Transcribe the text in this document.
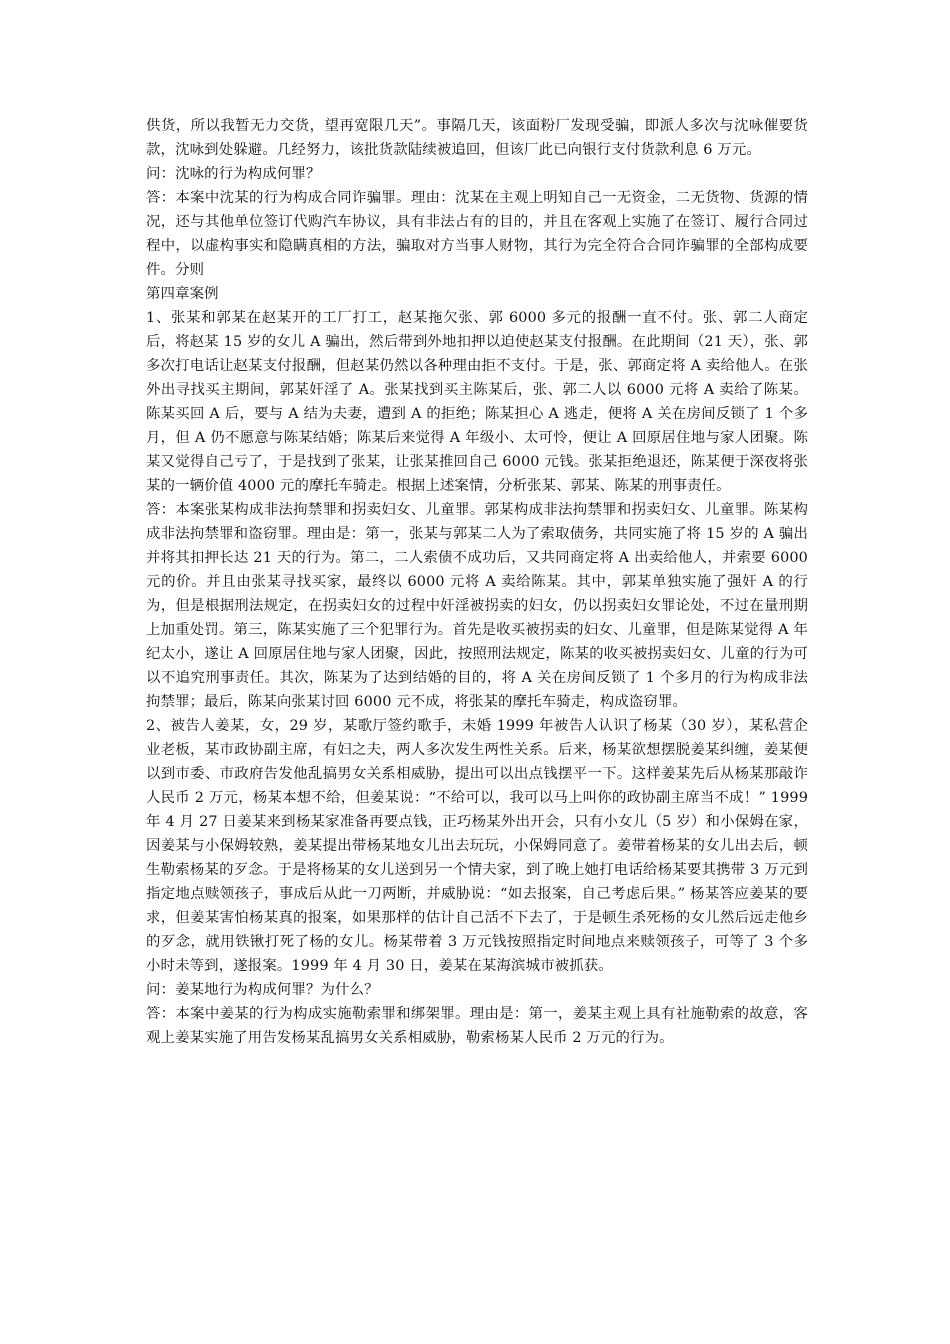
供货，所以我暂无力交货，望再宽限几天”。事隔几天，该面粉厂发现受骗，即派人多次与沈咏催要货款，沈咏到处躲避。几经努力，该批货款陆续被追回，但该厂此已向银行支付货款利息 6 万元。

问：沈咏的行为构成何罪？

答：本案中沈某的行为构成合同诈骗罪。理由：沈某在主观上明知自己一无资金，二无货物、货源的情况，还与其他单位签订代购汽车协议，具有非法占有的目的，并且在客观上实施了在签订、履行合同过程中，以虚构事实和隐瞒真相的方法，骗取对方当事人财物，其行为完全符合合同诈骗罪的全部构成要件。分则

第四章案例

1、张某和郭某在赵某开的工厂打工，赵某拖欠张、郭 6000 多元的报酬一直不付。张、郭二人商定后，将赵某 15 岁的女儿 A 骗出，然后带到外地扣押以迫使赵某支付报酬。在此期间（21 天），张、郭多次打电话让赵某支付报酬，但赵某仍然以各种理由拒不支付。于是，张、郭商定将 A 卖给他人。在张外出寻找买主期间，郭某奸淫了 A。张某找到买主陈某后，张、郭二人以 6000 元将 A 卖给了陈某。陈某买回 A 后，要与 A 结为夫妻，遭到 A 的拒绝；陈某担心 A 逃走，便将 A 关在房间反锁了 1 个多月，但 A 仍不愿意与陈某结婚；陈某后来觉得 A 年级小、太可怜，便让 A 回原居住地与家人团聚。陈某又觉得自己亏了，于是找到了张某，让张某推回自己 6000 元钱。张某拒绝退还，陈某便于深夜将张某的一辆价值 4000 元的摩托车骑走。根据上述案情，分析张某、郭某、陈某的刑事责任。

答：本案张某构成非法拘禁罪和拐卖妇女、儿童罪。郭某构成非法拘禁罪和拐卖妇女、儿童罪。陈某构成非法拘禁罪和盗窃罪。理由是：第一，张某与郭某二人为了索取债务，共同实施了将 15 岁的 A 骗出并将其扣押长达 21 天的行为。第二，二人索债不成功后，又共同商定将 A 出卖给他人，并索要 6000 元的价。并且由张某寻找买家，最终以 6000 元将 A 卖给陈某。其中，郭某单独实施了强奸 A 的行为，但是根据刑法规定，在拐卖妇女的过程中奸淫被拐卖的妇女，仍以拐卖妇女罪论处，不过在量刑期上加重处罚。第三，陈某实施了三个犯罪行为。首先是收买被拐卖的妇女、儿童罪，但是陈某觉得 A 年纪太小，遂让 A 回原居住地与家人团聚，因此，按照刑法规定，陈某的收买被拐卖妇女、儿童的行为可以不追究刑事责任。其次，陈某为了达到结婚的目的，将 A 关在房间反锁了 1 个多月的行为构成非法拘禁罪；最后，陈某向张某讨回 6000 元不成，将张某的摩托车骑走，构成盗窃罪。

2、被告人姜某，女，29 岁，某歌厅签约歌手，未婚 1999 年被告人认识了杨某（30 岁），某私营企业老板，某市政协副主席，有妇之夫，两人多次发生两性关系。后来，杨某欲想摆脱姜某纠缠，姜某便以到市委、市政府告发他乱搞男女关系相威胁，提出可以出点钱摆平一下。这样姜某先后从杨某那敲诈人民币 2 万元，杨某本想不给，但姜某说：“不给可以，我可以马上叫你的政协副主席当不成！” 1999 年 4 月 27 日姜某来到杨某家准备再要点钱，正巧杨某外出开会，只有小女儿（5 岁）和小保姆在家，因姜某与小保姆较熟，姜某提出带杨某地女儿出去玩玩，小保姆同意了。姜带着杨某的女儿出去后，顿生勒索杨某的歹念。于是将杨某的女儿送到另一个情夫家，到了晚上她打电话给杨某要其携带 3 万元到指定地点赎领孩子，事成后从此一刀两断，并威胁说：“如去报案，自己考虑后果。” 杨某答应姜某的要求，但姜某害怕杨某真的报案，如果那样的估计自己活不下去了，于是顿生杀死杨的女儿然后远走他乡的歹念，就用铁锹打死了杨的女儿。杨某带着 3 万元钱按照指定时间地点来赎领孩子，可等了 3 个多小时未等到，遂报案。1999 年 4 月 30 日，姜某在某海滨城市被抓获。

问：姜某地行为构成何罪？为什么？

答：本案中姜某的行为构成实施勒索罪和绑架罪。理由是：第一，姜某主观上具有社施勒索的故意，客观上姜某实施了用告发杨某乱搞男女关系相威胁，勒索杨某人民币 2 万元的行为。
